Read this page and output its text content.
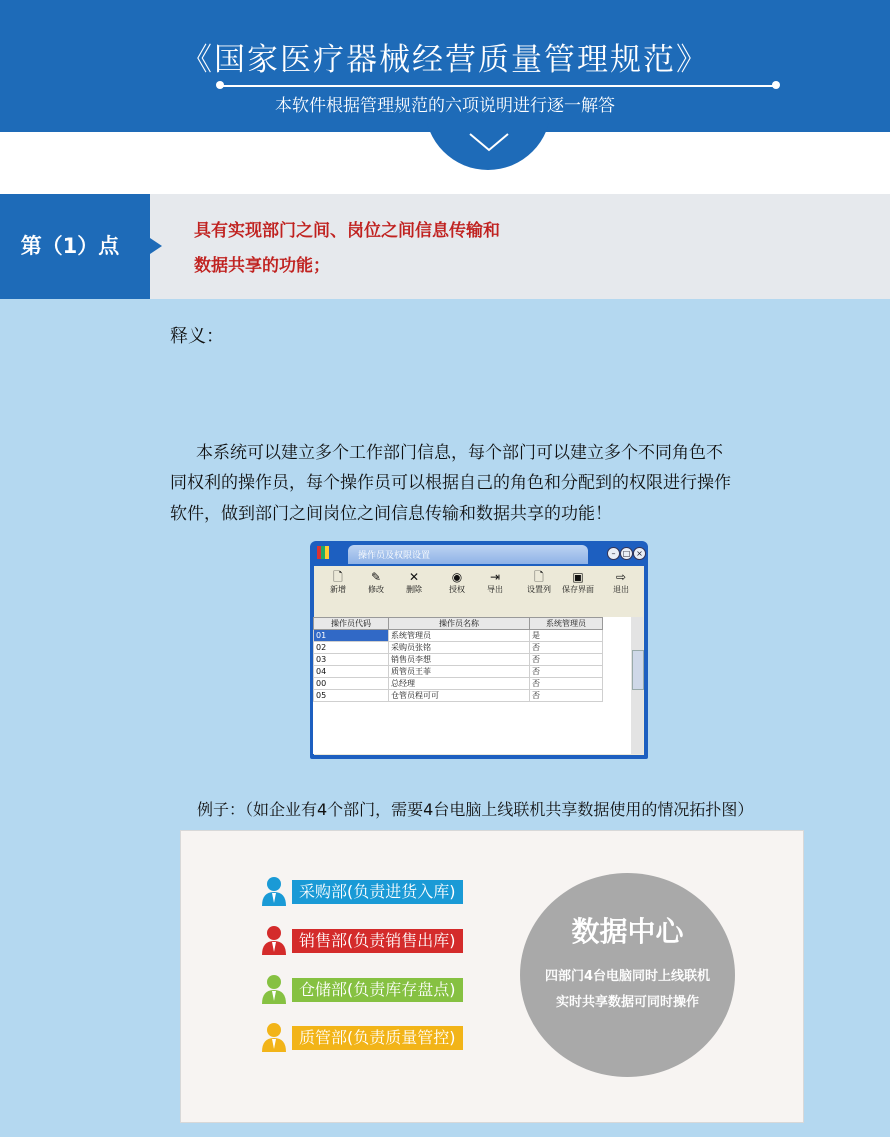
《国家医疗器械经营质量管理规范》
本软件根据管理规范的六项说明进行逐一解答
第（1）点
具有实现部门之间、岗位之间信息传输和
数据共享的功能；
释义：
本系统可以建立多个工作部门信息，每个部门可以建立多个不同角色不
同权利的操作员，每个操作员可以根据自己的角色和分配到的权限进行操作
软件，做到部门之间岗位之间信息传输和数据共享的功能！
操作员及权限设置	– □ ×
🗋
新增
✎
修改
✕
删除
◉
授权
⇥
导出
🗋
设置列
▣
保存界面
⇨
退出
操作员代码	操作员名称	系统管理员
01	系统管理员	是
02	采购员张铭	否
03	销售员李想	否
04	质管员王菲	否
00	总经理	否
05	仓管员程可可	否
例子：（如企业有4个部门，需要4台电脑上线联机共享数据使用的情况拓扑图）
采购部(负责进货入库)
销售部(负责销售出库)
仓储部(负责库存盘点)
质管部(负责质量管控)
数据中心
四部门4台电脑同时上线联机
实时共享数据可同时操作
